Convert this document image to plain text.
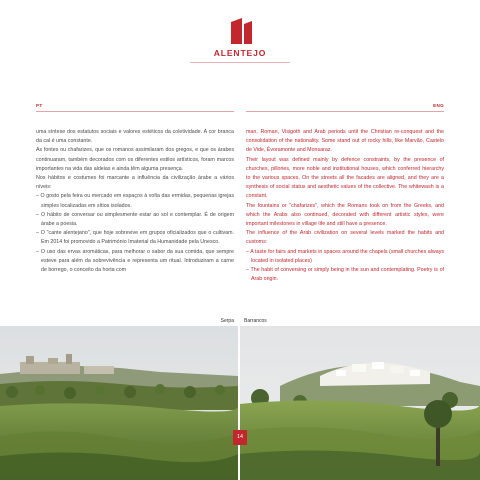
ALENTEJO
PT	ENG

uma síntese dos estatutos sociais e valores estéticos da coletividade. A cor branca da cal é uma constante.

As fontes ou chafarizes, que os romanos assimilaram dos gregos, e que os árabes continuaram, também decorados com os diferentes estilos artísticos, foram marcos importantes na vida das aldeias e ainda têm alguma presença.

Nos hábitos e costumes foi marcante a influência da civilização árabe a vários níveis:

– O gosto pela feira ou mercado em espaços à volta das ermidas, pequenas igrejas simples localizadas em sítios isolados.

– O hábito de conversar ou simplesmente estar ao sol e contemplar. É de origem árabe a poesia.

– O "cante alentejano", que hoje sobrevive em grupos oficializados que o cultivam. Em 2014 foi promovido a Património Imaterial da Humanidade pela Unesco.

– O uso das ervas aromáticas, para melhorar o sabor da sua comida, que sempre esteve para além da sobrevivência e representa um ritual. Introduziram a carne de borrego, o conceito da horta com

man, Roman, Visigoth and Arab periods until the Christian re-conquest and the consolidation of the nationality. Some stand out of rocky hills, like Marvão, Castelo de Vide, Évoramonte and Monsaraz.

Their layout was defined mainly by defence constraints, by the presence of churches, pillories, more noble and institutional houses, which conferred hierarchy to the various spaces. On the streets all the facades are aligned, and they are a synthesis of social status and aesthetic values of the collective. The whitewash is a constant.

The fountains or "chafarizes", which the Romans took on from the Greeks, and which the Arabs also continued, decorated with different artistic styles, were important milestones in village life and still have a presence.

The influence of the Arab civilization on several levels marked the habits and customs:

– A taste for fairs and markets in spaces around the chapels (small churches always located in isolated places)

– The habit of conversing or simply being in the sun and contemplating. Poetry is of Arab origin.

Serpa	Barrancos
14
